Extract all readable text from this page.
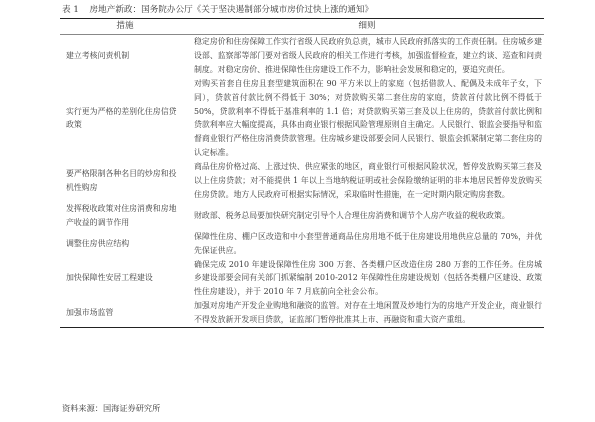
表 1 房地产新政：国务院办公厅《关于坚决遏制部分城市房价过快上涨的通知》
措施	细则
建立考核问责机制	稳定房价和住房保障工作实行省级人民政府负总责，城市人民政府抓落实的工作责任制。住房城乡建设部、监察部等部门要对省级人民政府的相关工作进行考核，加强监督检查，建立约谈、巡查和问责制度。对稳定房价、推进保障性住房建设工作不力，影响社会发展和稳定的，要追究责任。
实行更为严格的差别化住房信贷政策	对购买首套自住房且套型建筑面积在 90 平方米以上的家庭（包括借款人、配偶及未成年子女，下同），贷款首付款比例不得低于 30%；对贷款购买第二套住房的家庭，贷款首付款比例不得低于 50%，贷款利率不得低于基准利率的 1.1 倍；对贷款购买第三套及以上住房的，贷款首付款比例和贷款利率应大幅度提高，具体由商业银行根据风险管理原则自主确定。人民银行、银监会要指导和监督商业银行严格住房消费贷款管理。住房城乡建设部要会同人民银行、银监会抓紧制定第二套住房的认定标准。
要严格限制各种名目的炒房和投机性购房	商品住房价格过高、上涨过快、供应紧张的地区，商业银行可根据风险状况，暂停发放购买第三套及以上住房贷款；对不能提供 1 年以上当地纳税证明或社会保险缴纳证明的非本地居民暂停发放购买住房贷款。地方人民政府可根据实际情况，采取临时性措施，在一定时期内限定购房套数。
发挥税收政策对住房消费和房地产收益的调节作用	财政部、税务总局要加快研究制定引导个人合理住房消费和调节个人房产收益的税收政策。
调整住房供应结构	保障性住房、棚户区改造和中小套型普通商品住房用地不低于住房建设用地供应总量的 70%，并优先保证供应。
加快保障性安居工程建设	确保完成 2010 年建设保障性住房 300 万套、各类棚户区改造住房 280 万套的工作任务。住房城乡建设部要会同有关部门抓紧编制 2010-2012 年保障性住房建设规划（包括各类棚户区建设、政策性住房建设），并于 2010 年 7 月底前向全社会公布。
加强市场监管	加强对房地产开发企业购地和融资的监管。对存在土地闲置及炒地行为的房地产开发企业，商业银行不得发放新开发项目贷款，证监部门暂停批准其上市、再融资和重大资产重组。
资料来源：国海证券研究所
